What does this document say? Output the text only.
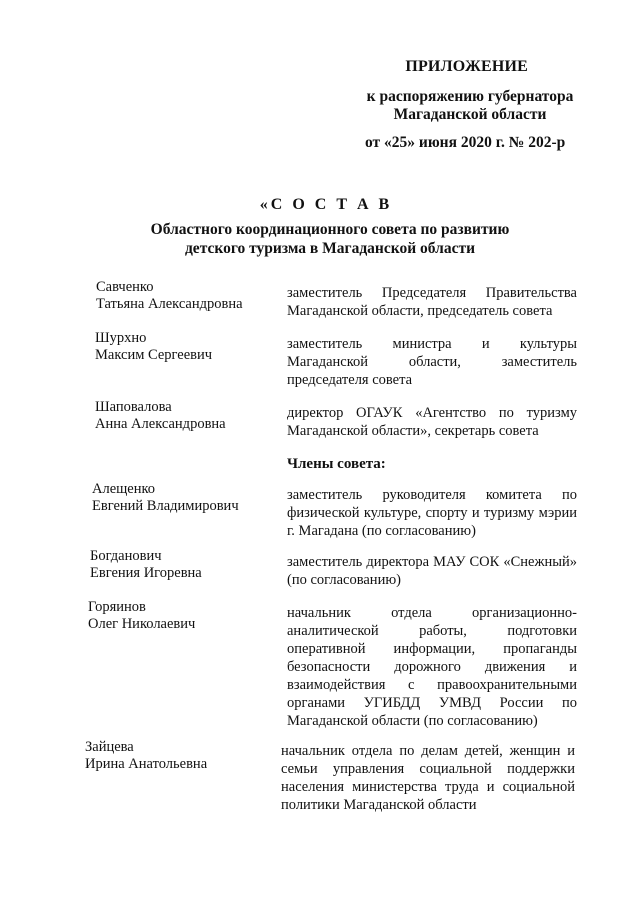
ПРИЛОЖЕНИЕ
к распоряжению губернатора
Магаданской области
от «25» июня 2020 г. № 202-р
«С О С Т А В
Областного координационного совета по развитию
детского туризма в Магаданской области
Савченко
Татьяна Александровна
заместитель Председателя Правительства Магаданской области, председатель совета
Шурхно
Максим Сергеевич
заместитель министра и культуры Магаданской области, заместитель председателя совета
Шаповалова
Анна Александровна
директор ОГАУК «Агентство по туризму Магаданской области», секретарь совета
Члены совета:
Алещенко
Евгений Владимирович
заместитель руководителя комитета по физической культуре, спорту и туризму мэрии г. Магадана (по согласованию)
Богданович
Евгения Игоревна
заместитель директора МАУ СОК «Снежный» (по согласованию)
Горяинов
Олег Николаевич
начальник отдела организационно-аналитической работы, подготовки оперативной информации, пропаганды безопасности дорожного движения и взаимодействия с правоохранительными органами УГИБДД УМВД России по Магаданской области (по согласованию)
Зайцева
Ирина Анатольевна
начальник отдела по делам детей, женщин и семьи управления социальной поддержки населения министерства труда и социальной политики Магаданской области
